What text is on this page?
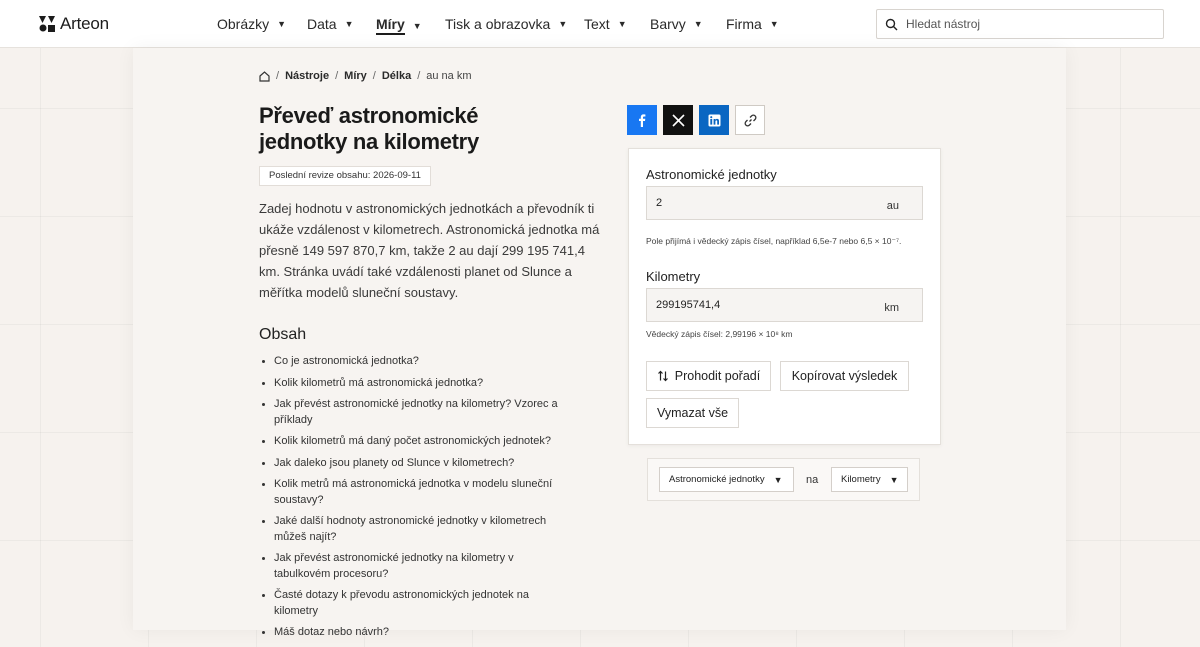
Arteon	Obrázky ▼ Data ▼ Míry ▼ Tisk a obrazovka ▼ Text ▼ Barvy ▼ Firma ▼
Hledat nástroj
/ Nástroje / Míry / Délka / au na km
Převeď astronomické jednotky na kilometry
Poslední revize obsahu: 2026-09-11

Zadej hodnotu v astronomických jednotkách a převodník ti ukáže vzdálenost v kilometrech. Astronomická jednotka má přesně 149 597 870,7 km, takže 2 au dají 299 195 741,4 km. Stránka uvádí také vzdálenosti planet od Slunce a měřítka modelů sluneční soustavy.

Obsah
Co je astronomická jednotka?
Kolik kilometrů má astronomická jednotka?
Jak převést astronomické jednotky na kilometry? Vzorec a příklady
Kolik kilometrů má daný počet astronomických jednotek?
Jak daleko jsou planety od Slunce v kilometrech?
Kolik metrů má astronomická jednotka v modelu sluneční soustavy?
Jaké další hodnoty astronomické jednotky v kilometrech můžeš najít?
Jak převést astronomické jednotky na kilometry v tabulkovém procesoru?
Časté dotazy k převodu astronomických jednotek na kilometry
Máš dotaz nebo návrh?
Astronomické jednotky
2
au
Pole přijímá i vědecký zápis čísel, například 6,5e-7 nebo 6,5 × 10⁻⁷.
Kilometry
299195741,4
km
Vědecký zápis čísel: 2,99196 × 10⁸ km
Prohodit pořadí	Kopírovat výsledek
Vymazat vše
Astronomické jednotky ▼ na Kilometry ▼
